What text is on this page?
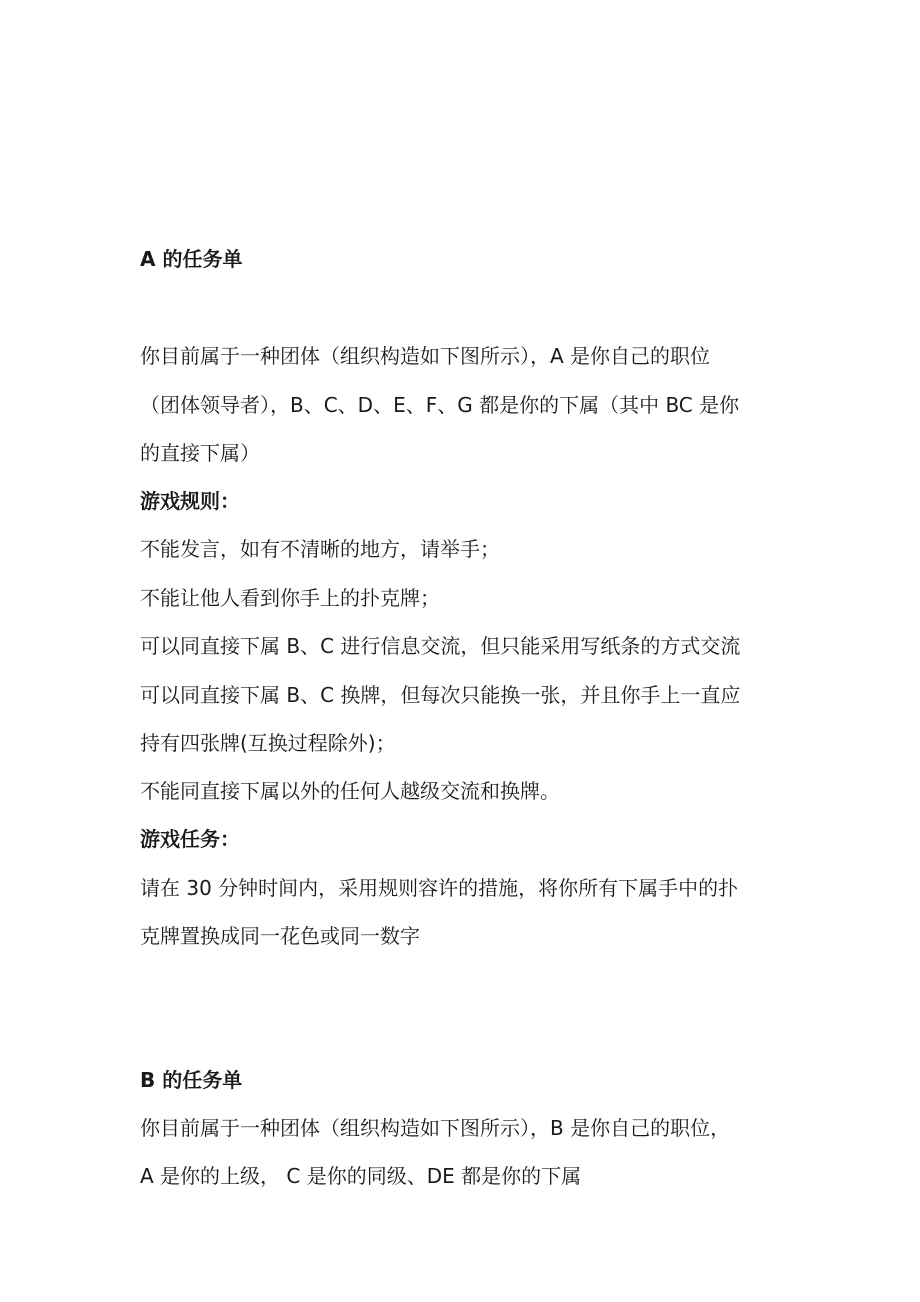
A 的任务单
你目前属于一种团体（组织构造如下图所示），A 是你自己的职位
（团体领导者），B、C、D、E、F、G 都是你的下属（其中 BC 是你
的直接下属）
游戏规则：
不能发言，如有不清晰的地方，请举手；
不能让他人看到你手上的扑克牌；
可以同直接下属 B、C 进行信息交流，但只能采用写纸条的方式交流
可以同直接下属 B、C 换牌，但每次只能换一张，并且你手上一直应
持有四张牌(互换过程除外)；
不能同直接下属以外的任何人越级交流和换牌。
游戏任务：
请在 30 分钟时间内，采用规则容许的措施，将你所有下属手中的扑
克牌置换成同一花色或同一数字
B 的任务单
你目前属于一种团体（组织构造如下图所示），B 是你自己的职位，
A 是你的上级， C 是你的同级、DE 都是你的下属
